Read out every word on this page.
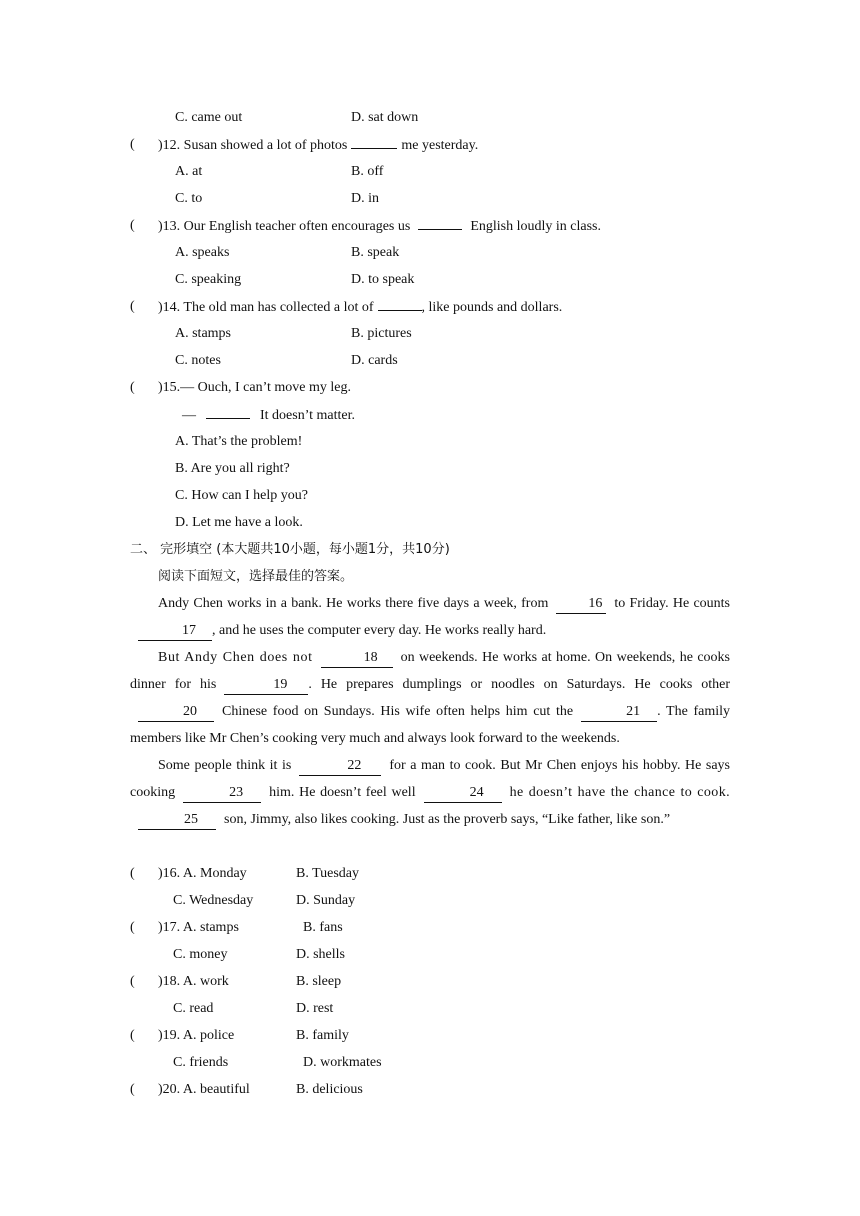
C. came out	D. sat down
( )12. Susan showed a lot of photos	me yesterday.
A. at	B. off
C. to	D. in
( )13. Our English teacher often encourages us	English loudly in class.
A. speaks	B. speak
C. speaking	D. to speak
( )14. The old man has collected a lot of	, like pounds and dollars.
A. stamps	B. pictures
C. notes	D. cards
( )15.— Ouch, I can’t move my leg.
—	It doesn’t matter.
A. That’s the problem!
B. Are you all right?
C. How can I help you?
D. Let me have a look.
二、 完形填空 (本大题共10小题，每小题1分，共10分)
阅读下面短文，选择最佳的答案。
Andy Chen works in a bank. He works there five days a week, from	16 to Friday. He counts17 , and he uses the computer every day. He works really hard.
But Andy Chen does not	18 on weekends. He works at home. On weekends, he cooks dinner for his	19 . He prepares dumplings or noodles on Saturdays. He cooks other20 Chinese food on Sundays. His wife often helps him cut the	21 . The family members like Mr Chen’s cooking very much and always look forward to the weekends.
Some people think it is	22 for a man to cook. But Mr Chen enjoys his hobby. He says cooking	23 him. He doesn’t feel well	24 he doesn’t have the chance to cook.25 son, Jimmy, also likes cooking. Just as the proverb says, “Like father, like son.”
( )16. A. Monday	B. Tuesday
C. Wednesday	D. Sunday
( )17. A. stamps	B. fans
C. money	D. shells
( )18. A. work	B. sleep
C. read	D. rest
( )19. A. police	B. family
C. friends	D. workmates
( )20. A. beautiful	B. delicious
